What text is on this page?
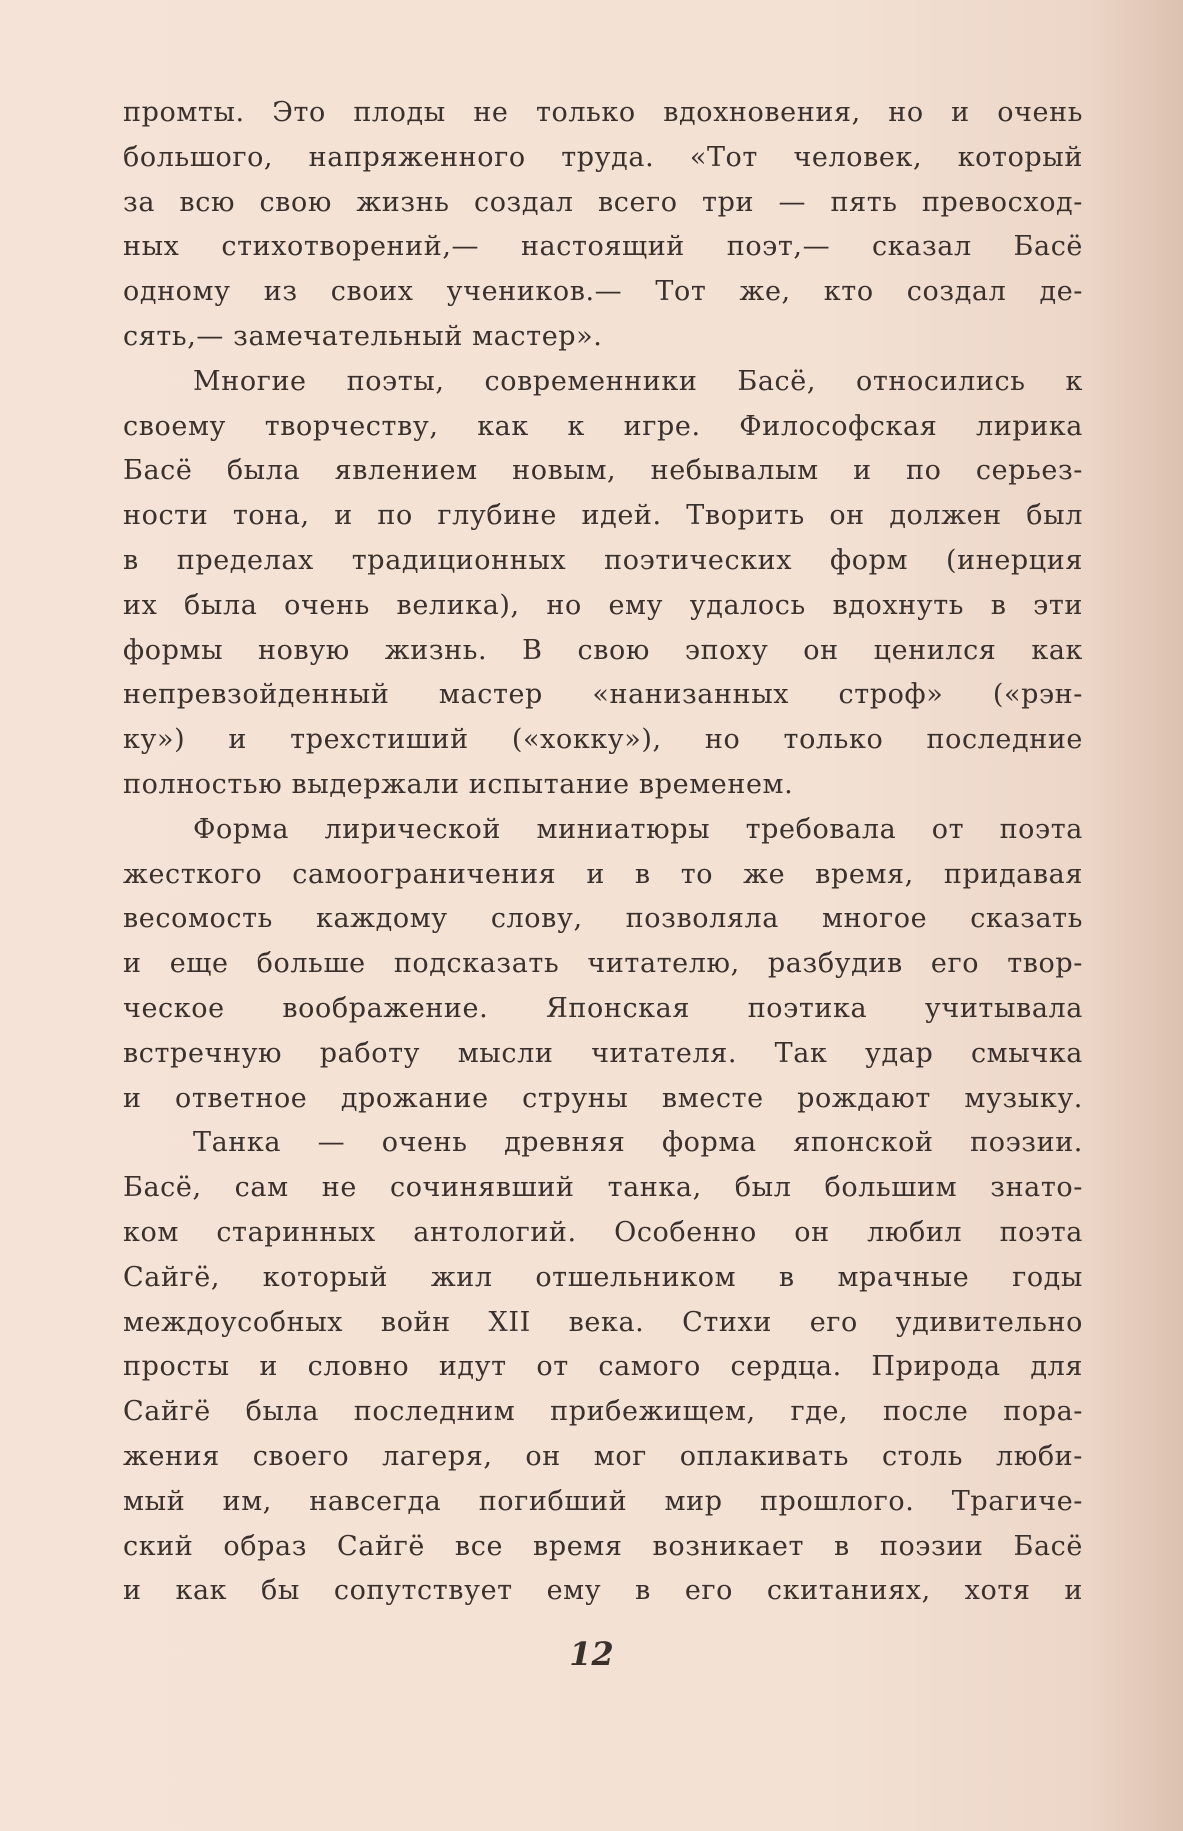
промты. Это плоды не только вдохновения, но и очень
большого, напряженного труда. «Тот человек, который
за всю свою жизнь создал всего три — пять превосход-
ных стихотворений,— настоящий поэт,— сказал Басё
одному из своих учеников.— Тот же, кто создал де-
сять,— замечательный мастер».
Многие поэты, современники Басё, относились к
своему творчеству, как к игре. Философская лирика
Басё была явлением новым, небывалым и по серьез-
ности тона, и по глубине идей. Творить он должен был
в пределах традиционных поэтических форм (инерция
их была очень велика), но ему удалось вдохнуть в эти
формы новую жизнь. В свою эпоху он ценился как
непревзойденный мастер «нанизанных строф» («рэн-
ку») и трехстиший («хокку»), но только последние
полностью выдержали испытание временем.
Форма лирической миниатюры требовала от поэта
жесткого самоограничения и в то же время, придавая
весомость каждому слову, позволяла многое сказать
и еще больше подсказать читателю, разбудив его твор-
ческое воображение. Японская поэтика учитывала
встречную работу мысли читателя. Так удар смычка
и ответное дрожание струны вместе рождают музыку.
Танка — очень древняя форма японской поэзии.
Басё, сам не сочинявший танка, был большим знато-
ком старинных антологий. Особенно он любил поэта
Сайгё, который жил отшельником в мрачные годы
междоусобных войн XII века. Стихи его удивительно
просты и словно идут от самого сердца. Природа для
Сайгё была последним прибежищем, где, после пора-
жения своего лагеря, он мог оплакивать столь люби-
мый им, навсегда погибший мир прошлого. Трагиче-
ский образ Сайгё все время возникает в поэзии Басё
и как бы сопутствует ему в его скитаниях, хотя и
12
